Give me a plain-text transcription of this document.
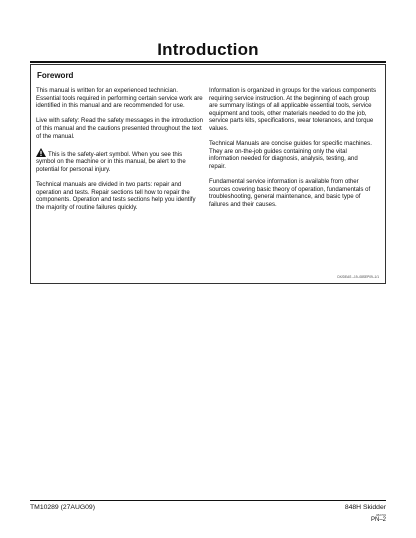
Introduction
Foreword

This manual is written for an experienced technician. Essential tools required in performing certain service work are identified in this manual and are recommended for use.

Live with safety: Read the safety messages in the introduction of this manual and the cautions presented throughout the text of the manual.

This is the safety-alert symbol. When you see this symbol on the machine or in this manual, be alert to the potential for personal injury.

Technical manuals are divided in two parts: repair and operation and tests. Repair sections tell how to repair the components. Operation and tests sections help you identify the majority of routine failures quickly.

Information is organized in groups for the various components requiring service instruction. At the beginning of each group are summary listings of all applicable essential tools, service equipment and tools, other materials needed to do the job, service parts kits, specifications, wear tolerances, and torque values.

Technical Manuals are concise guides for specific machines. They are on-the-job guides containing only the vital information needed for diagnosis, analysis, testing, and repair.

Fundamental service information is available from other sources covering basic theory of operation, fundamentals of troubleshooting, general maintenance, and basic type of failures and their causes.

DX/DEAS –19–08SEP09–1/1
TM10289 (27AUG09)	848H Skidder
082709
PN–2
